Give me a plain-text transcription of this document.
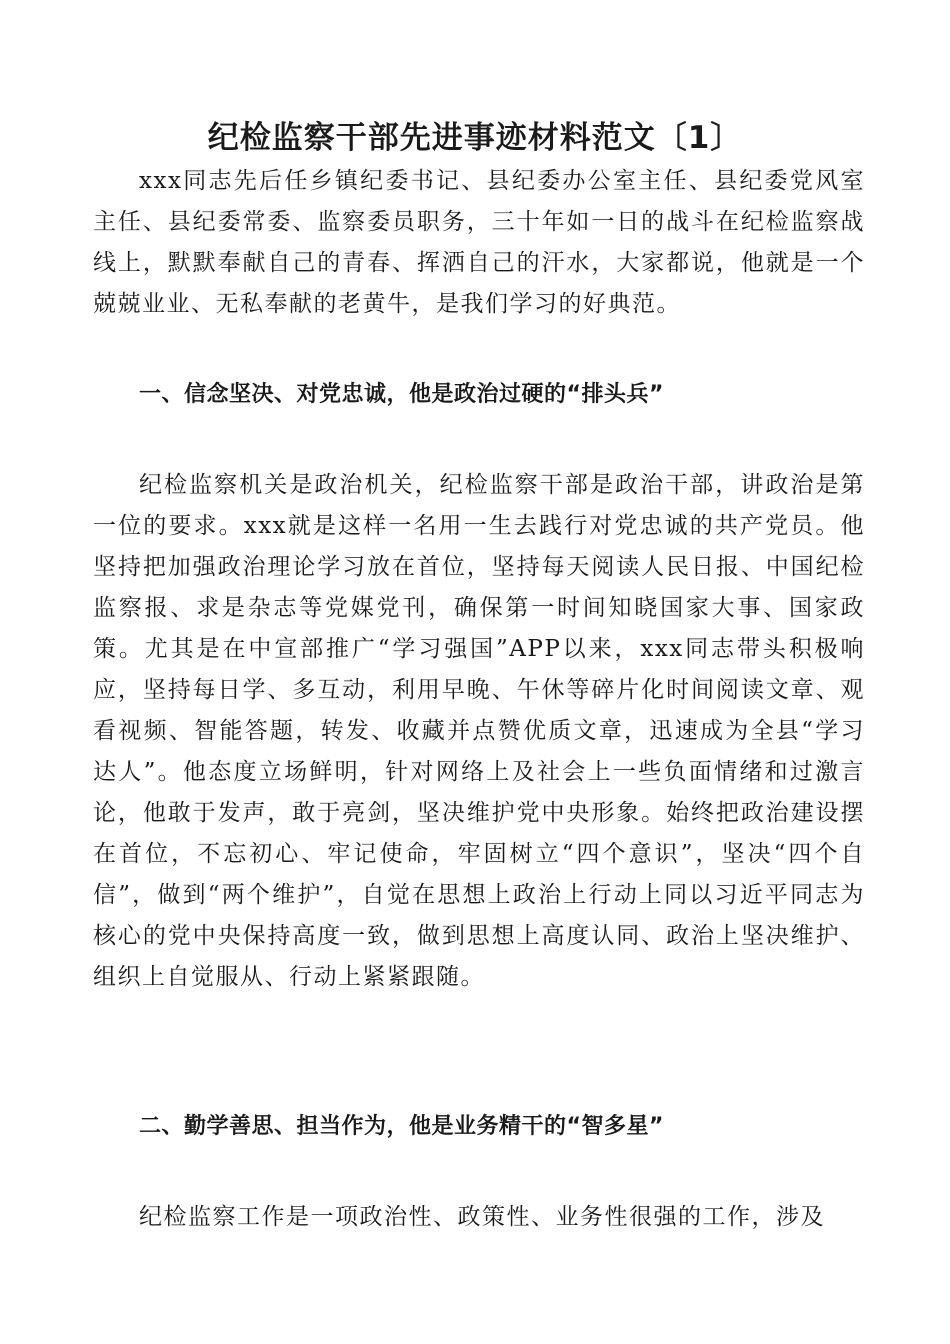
纪检监察干部先进事迹材料范文〔1〕

xxx同志先后任乡镇纪委书记、县纪委办公室主任、县纪委党风室主任、县纪委常委、监察委员职务，三十年如一日的战斗在纪检监察战线上，默默奉献自己的青春、挥洒自己的汗水，大家都说，他就是一个兢兢业业、无私奉献的老黄牛，是我们学习的好典范。

一、信念坚决、对党忠诚，他是政治过硬的“排头兵”

纪检监察机关是政治机关，纪检监察干部是政治干部，讲政治是第一位的要求。xxx就是这样一名用一生去践行对党忠诚的共产党员。他坚持把加强政治理论学习放在首位，坚持每天阅读人民日报、中国纪检监察报、求是杂志等党媒党刊，确保第一时间知晓国家大事、国家政策。尤其是在中宣部推广“学习强国”APP以来，xxx同志带头积极响应，坚持每日学、多互动，利用早晚、午休等碎片化时间阅读文章、观看视频、智能答题，转发、收藏并点赞优质文章，迅速成为全县“学习达人”。他态度立场鲜明，针对网络上及社会上一些负面情绪和过激言论，他敢于发声，敢于亮剑，坚决维护党中央形象。始终把政治建设摆在首位，不忘初心、牢记使命，牢固树立“四个意识”，坚决“四个自信”，做到“两个维护”，自觉在思想上政治上行动上同以习近平同志为核心的党中央保持高度一致，做到思想上高度认同、政治上坚决维护、组织上自觉服从、行动上紧紧跟随。

二、勤学善思、担当作为，他是业务精干的“智多星”

纪检监察工作是一项政治性、政策性、业务性很强的工作，涉及
